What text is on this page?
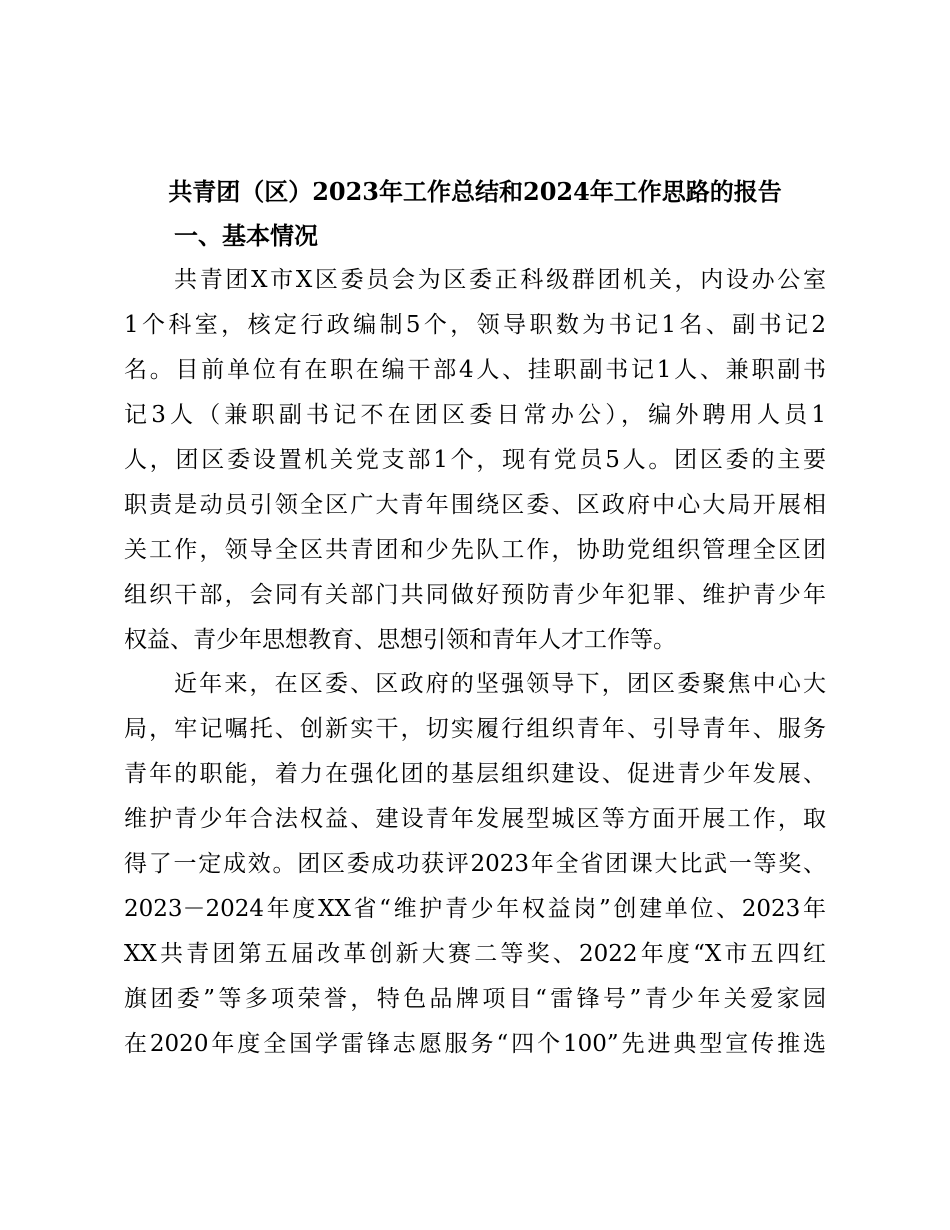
共青团（区）2023年工作总结和2024年工作思路的报告
一、基本情况
共青团X市X区委员会为区委正科级群团机关，内设办公室
1个科室，核定行政编制5个，领导职数为书记1名、副书记2
名。目前单位有在职在编干部4人、挂职副书记1人、兼职副书
记3人（兼职副书记不在团区委日常办公），编外聘用人员1
人，团区委设置机关党支部1个，现有党员5人。团区委的主要
职责是动员引领全区广大青年围绕区委、区政府中心大局开展相
关工作，领导全区共青团和少先队工作，协助党组织管理全区团
组织干部，会同有关部门共同做好预防青少年犯罪、维护青少年
权益、青少年思想教育、思想引领和青年人才工作等。
近年来，在区委、区政府的坚强领导下，团区委聚焦中心大
局，牢记嘱托、创新实干，切实履行组织青年、引导青年、服务
青年的职能，着力在强化团的基层组织建设、促进青少年发展、
维护青少年合法权益、建设青年发展型城区等方面开展工作，取
得了一定成效。团区委成功获评2023年全省团课大比武一等奖、
2023－2024年度XX省“维护青少年权益岗”创建单位、2023年
XX共青团第五届改革创新大赛二等奖、2022年度“X市五四红
旗团委”等多项荣誉，特色品牌项目“雷锋号”青少年关爱家园
在2020年度全国学雷锋志愿服务“四个100”先进典型宣传推选
